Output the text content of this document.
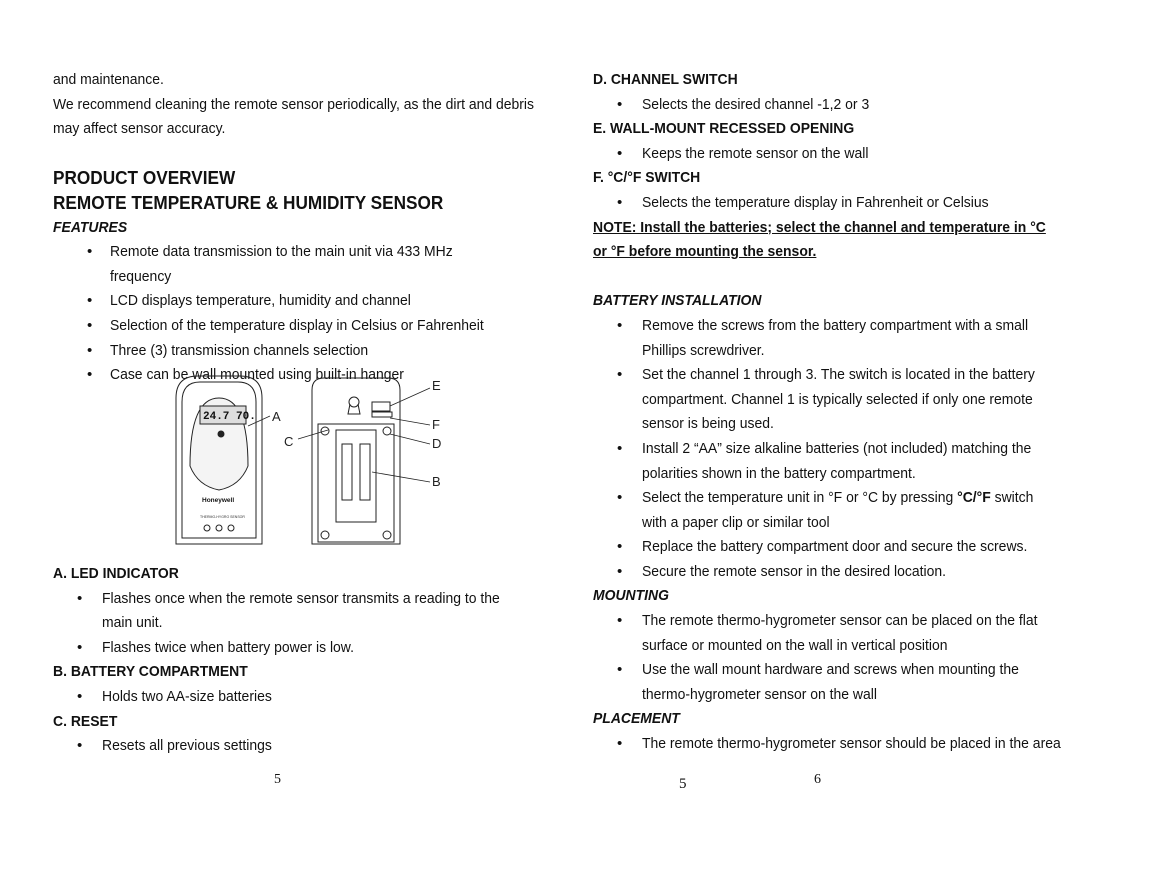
and maintenance.

We recommend cleaning the remote sensor periodically, as the dirt and debris

may affect sensor accuracy.

PRODUCT OVERVIEW

REMOTE TEMPERATURE & HUMIDITY SENSOR

FEATURES

• Remote data transmission to the main unit via 433 MHz frequency
• LCD displays temperature, humidity and channel
• Selection of the temperature display in Celsius or Fahrenheit
• Three (3) transmission channels selection
• Case can be wall mounted using built-in hanger
24.7 70.
Honeywell
THERMO-HYGRO SENSOR
A
E
F
C	D
B

A. LED INDICATOR

• Flashes once when the remote sensor transmits a reading to the main unit.
• Flashes twice when battery power is low.

B. BATTERY COMPARTMENT

• Holds two AA-size batteries

C. RESET

• Resets all previous settings
5

D. CHANNEL SWITCH

• Selects the desired channel -1,2 or 3

E. WALL-MOUNT RECESSED OPENING

• Keeps the remote sensor on the wall

F. °C/°F SWITCH

• Selects the temperature display in Fahrenheit or Celsius

NOTE: Install the batteries; select the channel and temperature in °C or °F before mounting the sensor.

BATTERY INSTALLATION

• Remove the screws from the battery compartment with a small Phillips screwdriver.
• Set the channel 1 through 3. The switch is located in the battery compartment. Channel 1 is typically selected if only one remote sensor is being used.
• Install 2 “AA” size alkaline batteries (not included) matching the polarities shown in the battery compartment.
• Select the temperature unit in °F or °C by pressing °C/°F switch with a paper clip or similar tool
• Replace the battery compartment door and secure the screws.
• Secure the remote sensor in the desired location.

MOUNTING

• The remote thermo-hygrometer sensor can be placed on the flat surface or mounted on the wall in vertical position
• Use the wall mount hardware and screws when mounting the thermo-hygrometer sensor on the wall

PLACEMENT

• The remote thermo-hygrometer sensor should be placed in the area
5	6
